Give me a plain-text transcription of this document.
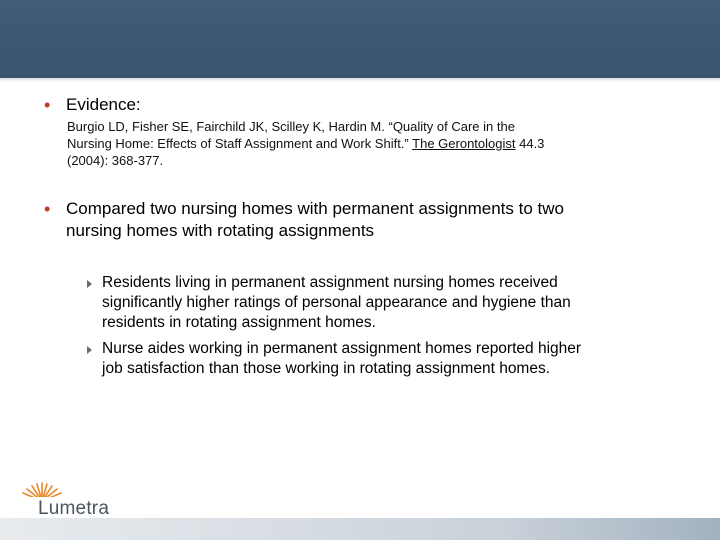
• Evidence:
Burgio LD, Fisher SE, Fairchild JK, Scilley K, Hardin M. “Quality of Care in the
Nursing Home: Effects of Staff Assignment and Work Shift.” The Gerontologist 44.3
(2004): 368-377.
• Compared two nursing homes with permanent assignments to two
nursing homes with rotating assignments
Residents living in permanent assignment nursing homes received
significantly higher ratings of personal appearance and hygiene than
residents in rotating assignment homes.
Nurse aides working in permanent assignment homes reported higher
job satisfaction than those working in rotating assignment homes.
Lumetra
